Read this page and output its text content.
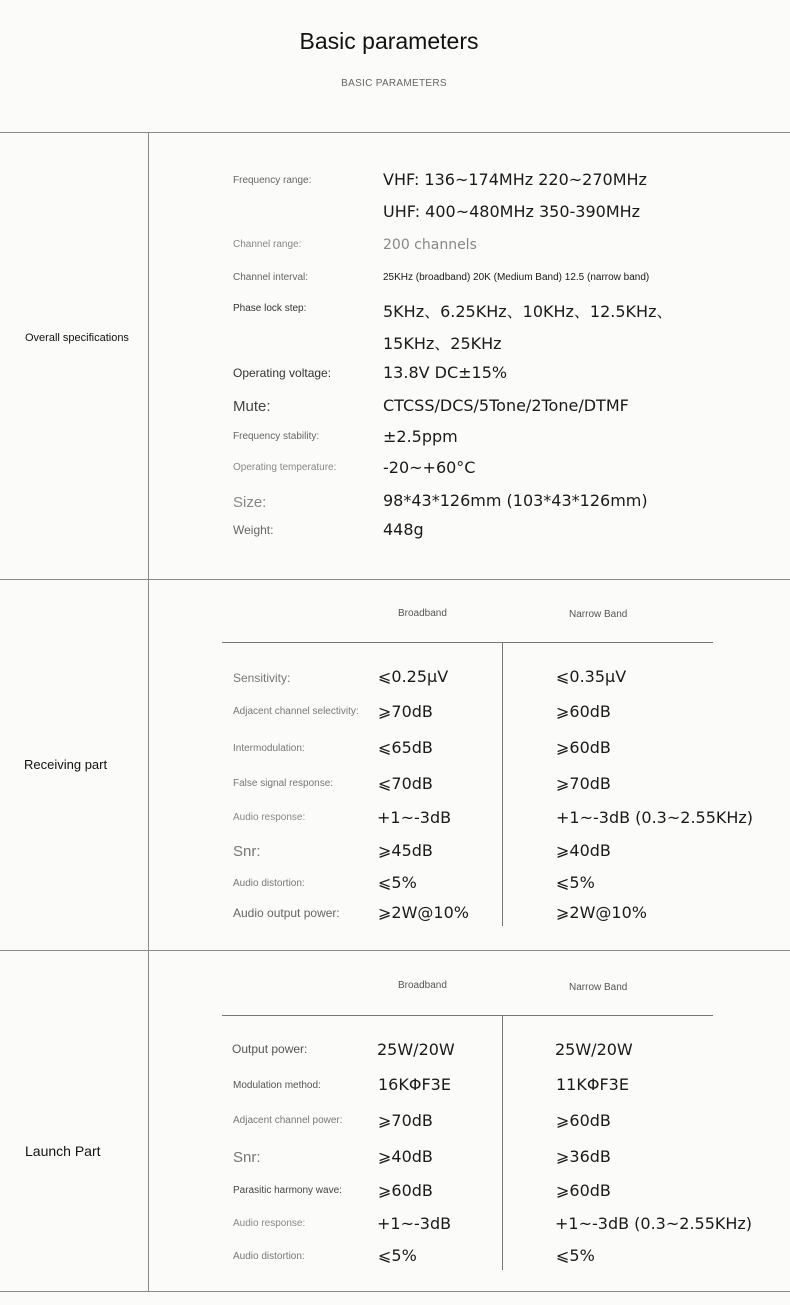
Basic parameters
BASIC PARAMETERS
Overall specifications
Frequency range:	VHF: 136~174MHz 220~270MHz
UHF: 400~480MHz 350-390MHz
Channel range:	200 channels
Channel interval:	25KHz (broadband) 20K (Medium Band) 12.5 (narrow band)
Phase lock step:	5KHz、6.25KHz、10KHz、12.5KHz、
15KHz、25KHz
Operating voltage:	13.8V DC±15%
Mute:	CTCSS/DCS/5Tone/2Tone/DTMF
Frequency stability:	±2.5ppm
Operating temperature:	-20~+60°C
Size:	98*43*126mm (103*43*126mm)
Weight:	448g
Receiving part
Broadband	Narrow Band
Sensitivity:	⩽0.25µV	⩽0.35µV
Adjacent channel selectivity: ⩾70dB	⩾60dB
Intermodulation:	⩽65dB	⩾60dB
False signal response:	⩽70dB	⩾70dB
Audio response:	+1~-3dB	+1~-3dB (0.3~2.55KHz)
Snr:	⩾45dB	⩾40dB
Audio distortion:	⩽5%	⩽5%
Audio output power: ⩾2W@10%	⩾2W@10%
Launch Part
Broadband	Narrow Band
Output power:	25W/20W	25W/20W
Modulation method:	16KΦF3E	11KΦF3E
Adjacent channel power: ⩾70dB	⩾60dB
Snr:	⩾40dB	⩾36dB
Parasitic harmony wave: ⩾60dB	⩾60dB
Audio response:	+1~-3dB	+1~-3dB (0.3~2.55KHz)
Audio distortion:	⩽5%	⩽5%
